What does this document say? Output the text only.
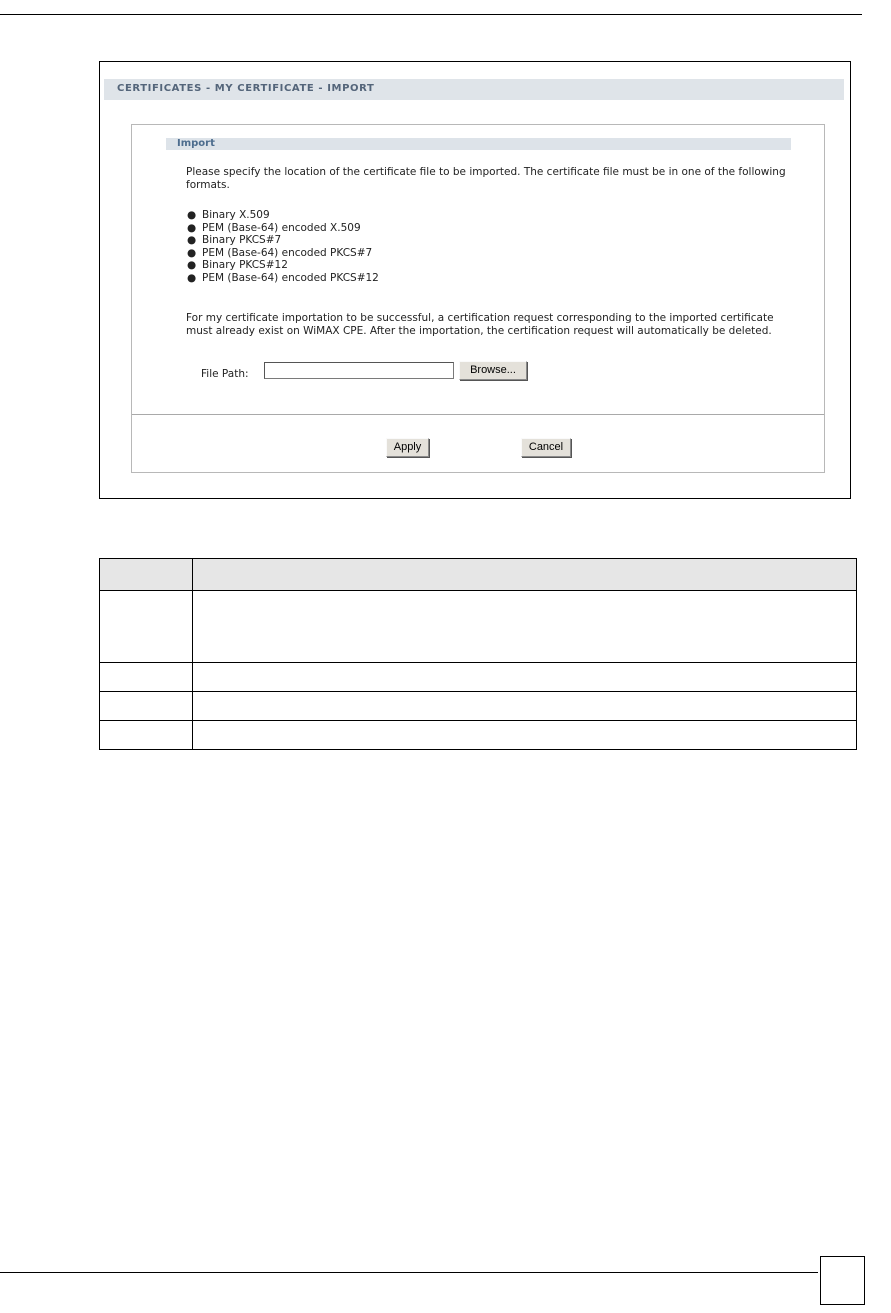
CERTIFICATES - MY CERTIFICATE - IMPORT
Import
Please specify the location of the certificate file to be imported. The certificate file must be in one of the following formats.
● Binary X.509
● PEM (Base-64) encoded X.509
● Binary PKCS#7
● PEM (Base-64) encoded PKCS#7
● Binary PKCS#12
● PEM (Base-64) encoded PKCS#12
For my certificate importation to be successful, a certification request corresponding to the imported certificate must already exist on WiMAX CPE. After the importation, the certification request will automatically be deleted.
File Path:	Browse...
Apply	Cancel
